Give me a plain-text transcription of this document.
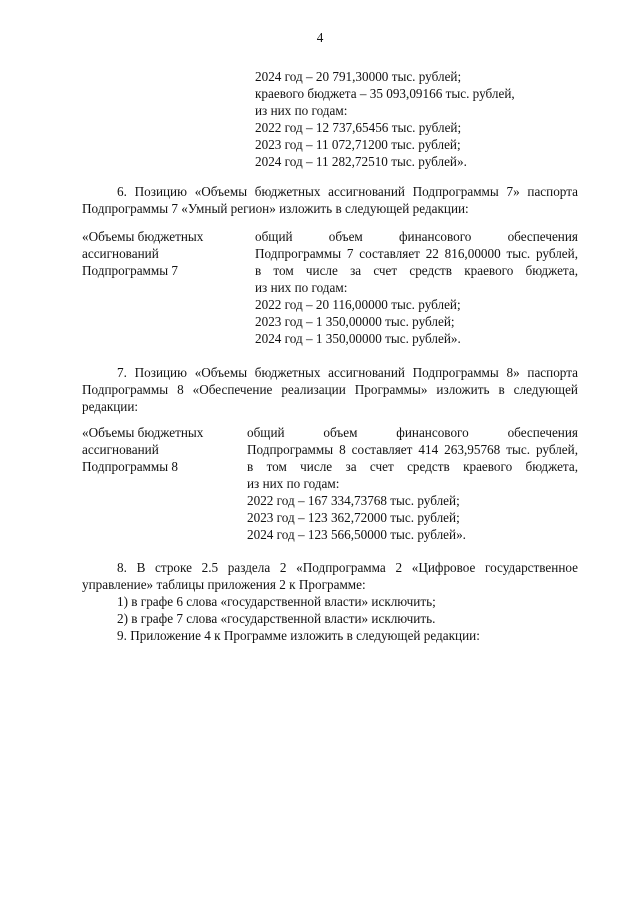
4
2024 год – 20 791,30000 тыс. рублей;
краевого бюджета – 35 093,09166 тыс. рублей,
из них по годам:
2022 год – 12 737,65456 тыс. рублей;
2023 год – 11 072,71200 тыс. рублей;
2024 год – 11 282,72510 тыс. рублей».
6. Позицию «Объемы бюджетных ассигнований Подпрограммы 7» паспорта
Подпрограммы 7 «Умный регион» изложить в следующей редакции:
«Объемы бюджетных
ассигнований
Подпрограммы 7
общий объем финансового обеспечения
Подпрограммы 7 составляет 22 816,00000 тыс. рублей,
в том числе за счет средств краевого бюджета,
из них по годам:
2022 год – 20 116,00000 тыс. рублей;
2023 год – 1 350,00000 тыс. рублей;
2024 год – 1 350,00000 тыс. рублей».
7. Позицию «Объемы бюджетных ассигнований Подпрограммы 8» паспорта
Подпрограммы 8 «Обеспечение реализации Программы» изложить в следующей
редакции:
«Объемы бюджетных
ассигнований
Подпрограммы 8
общий объем финансового обеспечения
Подпрограммы 8 составляет 414 263,95768 тыс. рублей,
в том числе за счет средств краевого бюджета,
из них по годам:
2022 год – 167 334,73768 тыс. рублей;
2023 год – 123 362,72000 тыс. рублей;
2024 год – 123 566,50000 тыс. рублей».
8. В строке 2.5 раздела 2 «Подпрограмма 2 «Цифровое государственное
управление» таблицы приложения 2 к Программе:
1) в графе 6 слова «государственной власти» исключить;
2) в графе 7 слова «государственной власти» исключить.
9. Приложение 4 к Программе изложить в следующей редакции:
